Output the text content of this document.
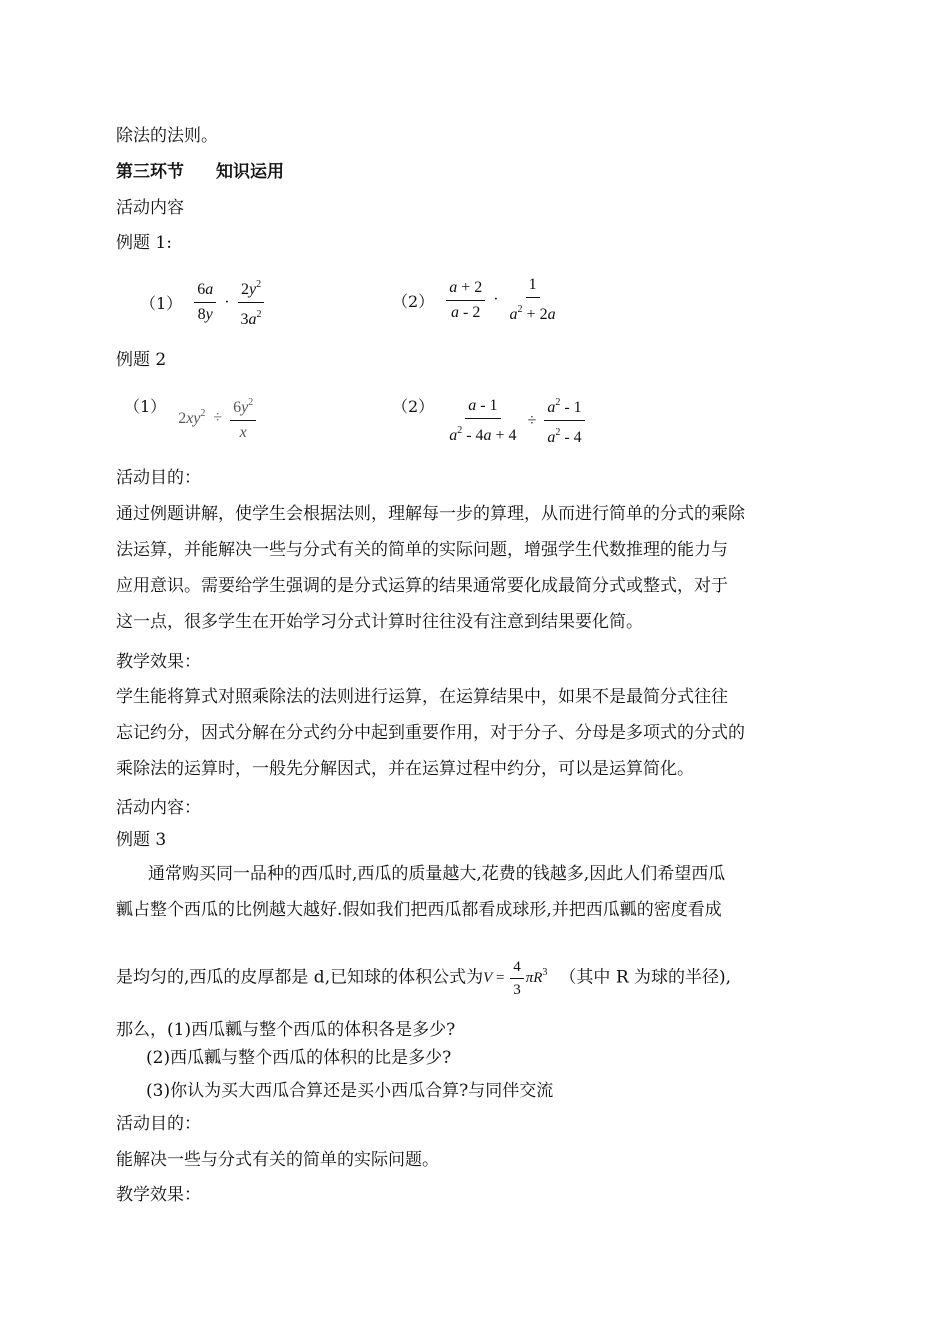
除法的法则。
第三环节 知识运用
活动内容
例题 1:
$(1) \frac{6a}{8y} \cdot \frac{2y^2}{3a^2}$	$(2) \frac{a + 2}{a - 2} \cdot \frac{1}{a^2 + 2a}$
例题 2
（1） $2xy^2 \div \frac{6y^2}{x}$	$(2) \frac{a - 1}{a^2 - 4a + 4} \div \frac{a^2 - 1}{a^2 - 4}$
活动目的：
通过例题讲解，使学生会根据法则，理解每一步的算理，从而进行简单的分式的乘除
法运算，并能解决一些与分式有关的简单的实际问题，增强学生代数推理的能力与
应用意识。需要给学生强调的是分式运算的结果通常要化成最简分式或整式，对于
这一点，很多学生在开始学习分式计算时往往没有注意到结果要化简。
教学效果：
学生能将算式对照乘除法的法则进行运算，在运算结果中，如果不是最简分式往往
忘记约分，因式分解在分式约分中起到重要作用，对于分子、分母是多项式的分式的
乘除法的运算时，一般先分解因式，并在运算过程中约分，可以是运算简化。
活动内容：
例题 3
通常购买同一品种的西瓜时,西瓜的质量越大,花费的钱越多,因此人们希望西瓜
瓤占整个西瓜的比例越大越好.假如我们把西瓜都看成球形,并把西瓜瓤的密度看成
是均匀的,西瓜的皮厚都是 d,已知球的体积公式为$V = \frac{4}{3} \pi R^3$ （其中 R 为球的半径),
那么，(1)西瓜瓤与整个西瓜的体积各是多少?
(2)西瓜瓤与整个西瓜的体积的比是多少?
(3)你认为买大西瓜合算还是买小西瓜合算?与同伴交流
活动目的：
能解决一些与分式有关的简单的实际问题。
教学效果：
